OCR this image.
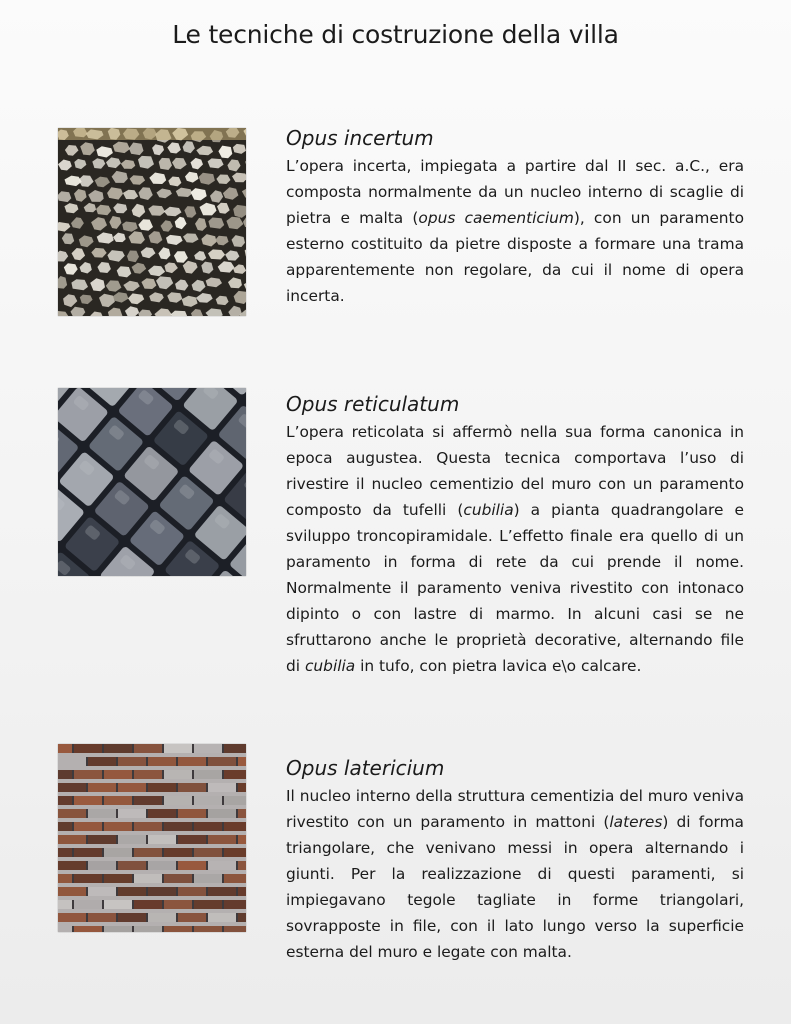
Le tecniche di costruzione della villa
Opus incertum

L’opera incerta, impiegata a partire dal II sec. a.C., era composta normalmente da un nucleo interno di scaglie di pietra e malta (opus caementicium), con un paramento esterno costituito da pietre disposte a formare una trama apparentemente non regolare, da cui il nome di opera incerta.

Opus reticulatum

L’opera reticolata si affermò nella sua forma canonica in epoca augustea. Questa tecnica comportava l’uso di rivestire il nucleo cementizio del muro con un paramento composto da tufelli (cubilia) a pianta quadrangolare e sviluppo troncopiramidale. L’effetto finale era quello di un paramento in forma di rete da cui prende il nome. Normalmente il paramento veniva rivestito con intonaco dipinto o con lastre di marmo. In alcuni casi se ne sfruttarono anche le proprietà decorative, alternando file di cubilia in tufo, con pietra lavica e\o calcare.

Opus latericium

Il nucleo interno della struttura cementizia del muro veniva rivestito con un paramento in mattoni (lateres) di forma triangolare, che venivano messi in opera alternando i giunti. Per la realizzazione di questi paramenti, si impiegavano tegole tagliate in forme triangolari, sovrapposte in file, con il lato lungo verso la superficie esterna del muro e legate con malta.
